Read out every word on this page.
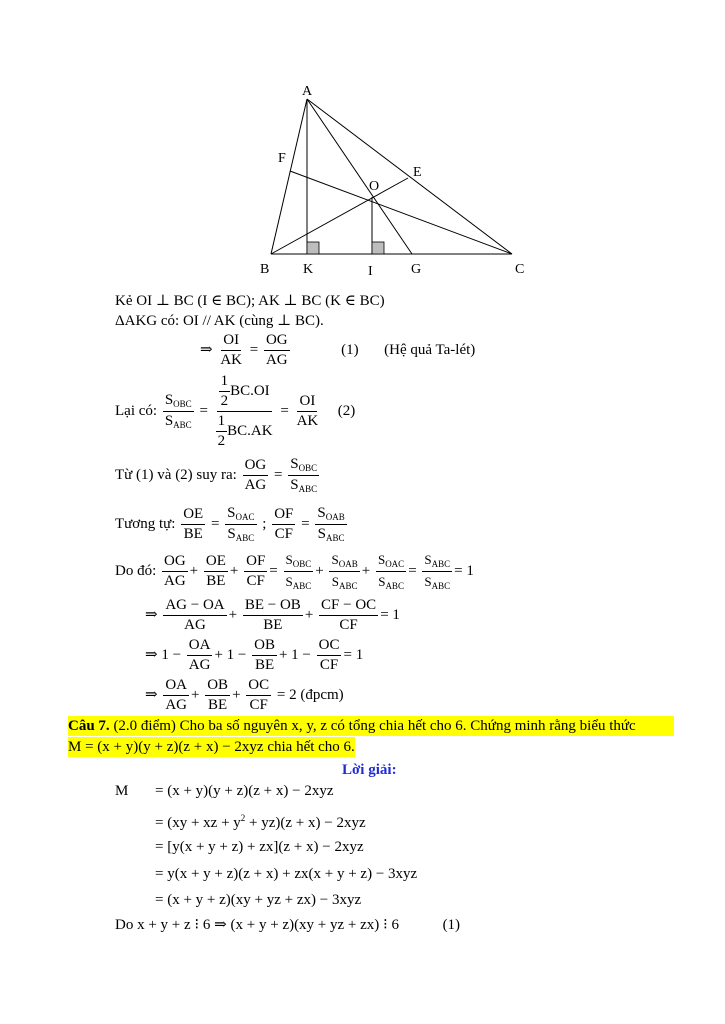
A
F
E
O
B K	I	G	C
Kẻ OI ⊥ BC (I ∈ BC); AK ⊥ BC (K ∈ BC)
ΔAKG có: OI // AK (cùng ⊥ BC).
⇒ $\frac{OI}{AK} = \frac{OG}{AG}$	(1) (Hệ quả Ta-lét)
Lại có: $\frac{S_{OBC}}{S_{ABC}} = \frac{\frac{1}{2} BC.OI}{\frac{1}{2} BC.AK} = \frac{OI}{AK} (2)$
Từ (1) và (2) suy ra: $\frac{OG}{AG} = \frac{S_{OBC}}{S_{ABC}}$
Tương tự: $\frac{OE}{BE} = \frac{S_{OAC}}{S_{ABC}}$ ; $\frac{OF}{CF} = \frac{S_{OAB}}{S_{ABC}}$
Do đó: $\frac{OG}{AG} + \frac{OE}{BE} + \frac{OF}{CF} = \frac{S_{OBC}}{S_{ABC}} + \frac{S_{OAB}}{S_{ABC}} + \frac{S_{OAC}}{S_{ABC}} = \frac{S_{ABC}}{S_{ABC}} = 1$
⇒ $\frac{AG - OA}{AG} + \frac{BE - OB}{BE} + \frac{CF - OC}{CF} = 1$
⇒ $1 - \frac{OA}{AG} + 1 - \frac{OB}{BE} + 1 - \frac{OC}{CF} = 1$
⇒ $\frac{OA}{AG} + \frac{OB}{BE} + \frac{OC}{CF} = 2$ (đpcm)
Câu 7. (2.0 điểm) Cho ba số nguyên x, y, z có tổng chia hết cho 6. Chứng minh rằng biểu thức
M = (x + y)(y + z)(z + x) − 2xyz chia hết cho 6.
Lời giải:
M = (x + y)(y + z)(z + x) − 2xyz
= (xy + xz + $y^2 + yz)(z + x) - 2xyz$
= [y(x + y + z) + zx](z + x) − 2xyz
= y(x + y + z)(z + x) + zx(x + y + z) − 3xyz
= (x + y + z)(xy + yz + zx) − 3xyz
Do x + y + z ⁝ 6 ⇒ (x + y + z)(xy + yz + zx) ⁝ 6	(1)
